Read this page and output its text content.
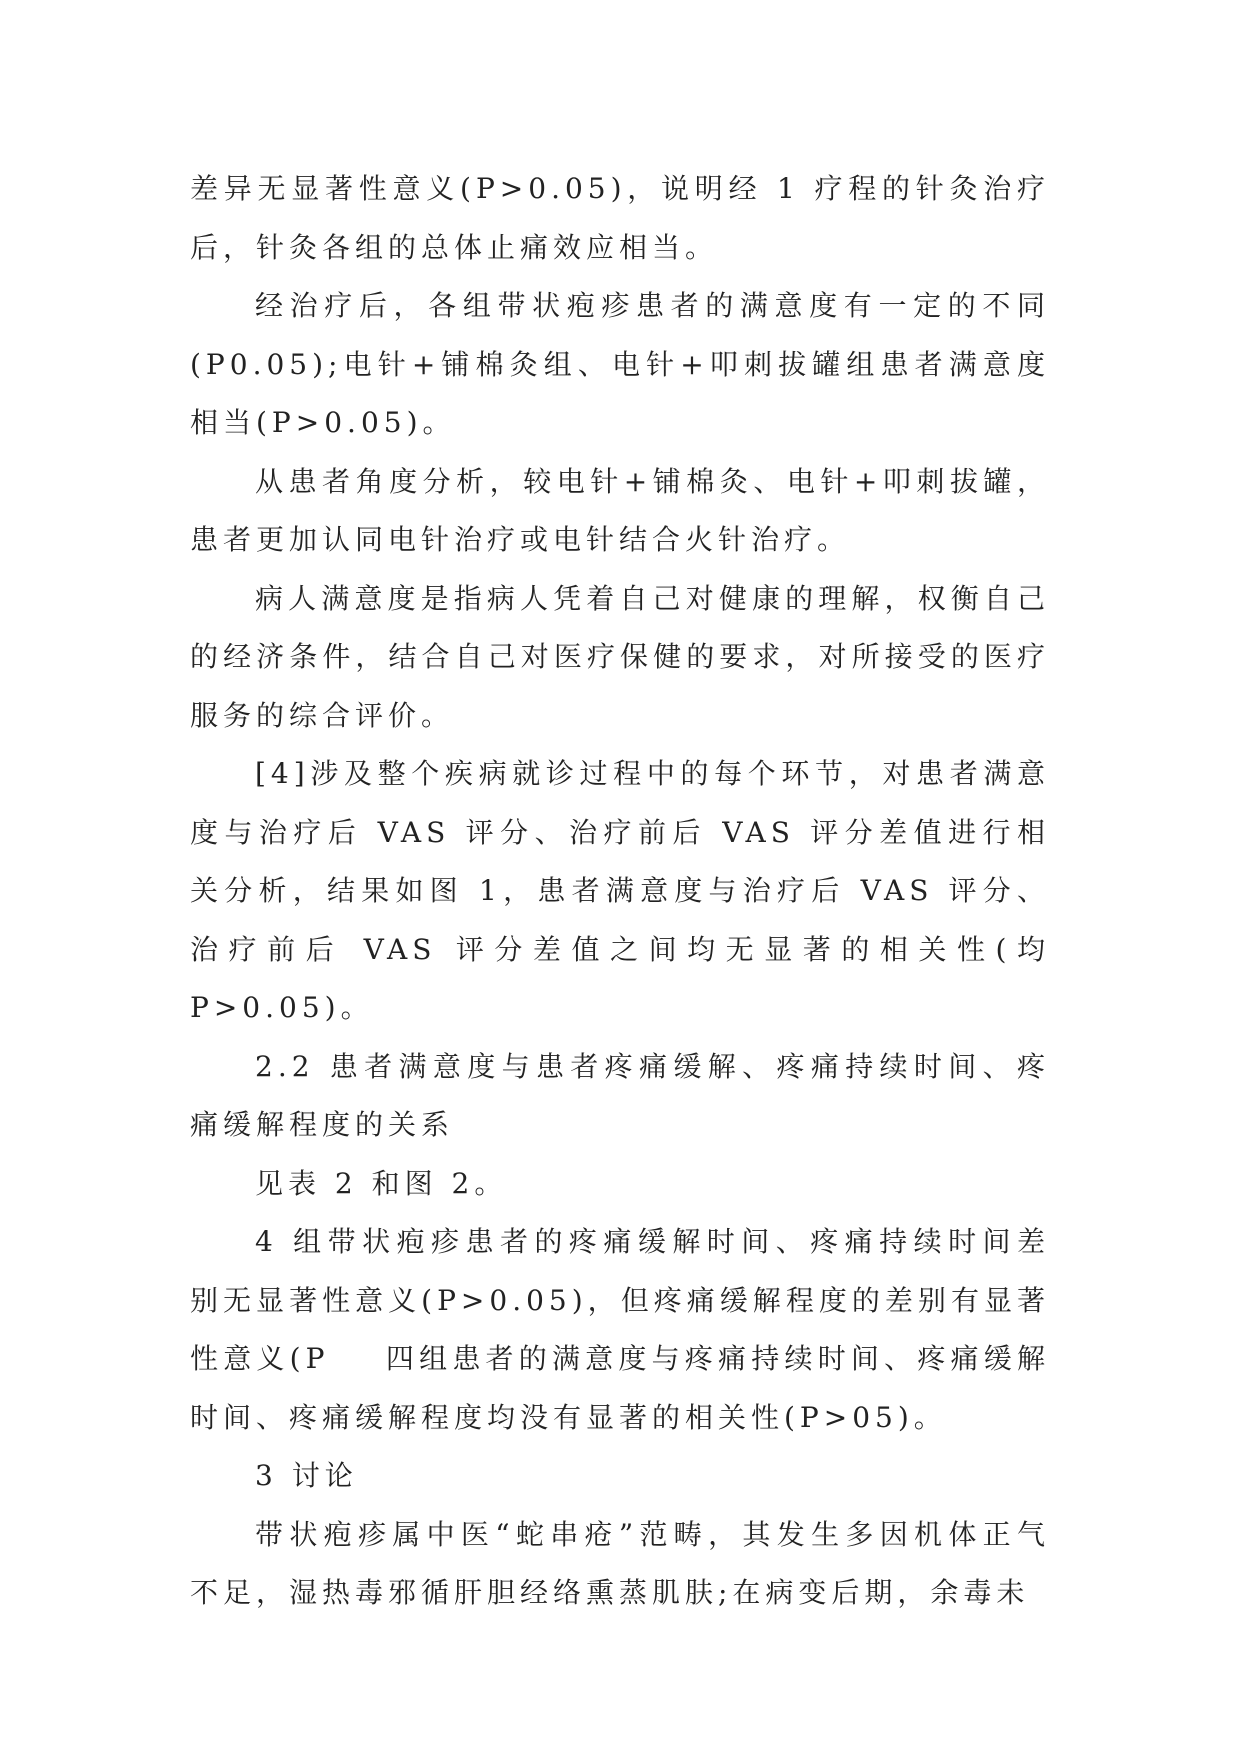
差异无显著性意义(P>0.05)，说明经 1 疗程的针灸治疗后，针灸各组的总体止痛效应相当。

经治疗后，各组带状疱疹患者的满意度有一定的不同(P0.05);电针+铺棉灸组、电针+叩刺拔罐组患者满意度相当(P>0.05)。

从患者角度分析，较电针+铺棉灸、电针+叩刺拔罐，患者更加认同电针治疗或电针结合火针治疗。

病人满意度是指病人凭着自己对健康的理解，权衡自己的经济条件，结合自己对医疗保健的要求，对所接受的医疗服务的综合评价。

[4]涉及整个疾病就诊过程中的每个环节，对患者满意度与治疗后 VAS 评分、治疗前后 VAS 评分差值进行相关分析，结果如图 1，患者满意度与治疗后 VAS 评分、治疗前后 VAS 评分差值之间均无显著的相关性(均 P>0.05)。

2.2 患者满意度与患者疼痛缓解、疼痛持续时间、疼痛缓解程度的关系

见表 2 和图 2。

4 组带状疱疹患者的疼痛缓解时间、疼痛持续时间差别无显著性意义(P>0.05)，但疼痛缓解程度的差别有显著性意义(P    四组患者的满意度与疼痛持续时间、疼痛缓解时间、疼痛缓解程度均没有显著的相关性(P>05)。

3 讨论

带状疱疹属中医“蛇串疮”范畴，其发生多因机体正气不足，湿热毒邪循肝胆经络熏蒸肌肤;在病变后期，余毒未
